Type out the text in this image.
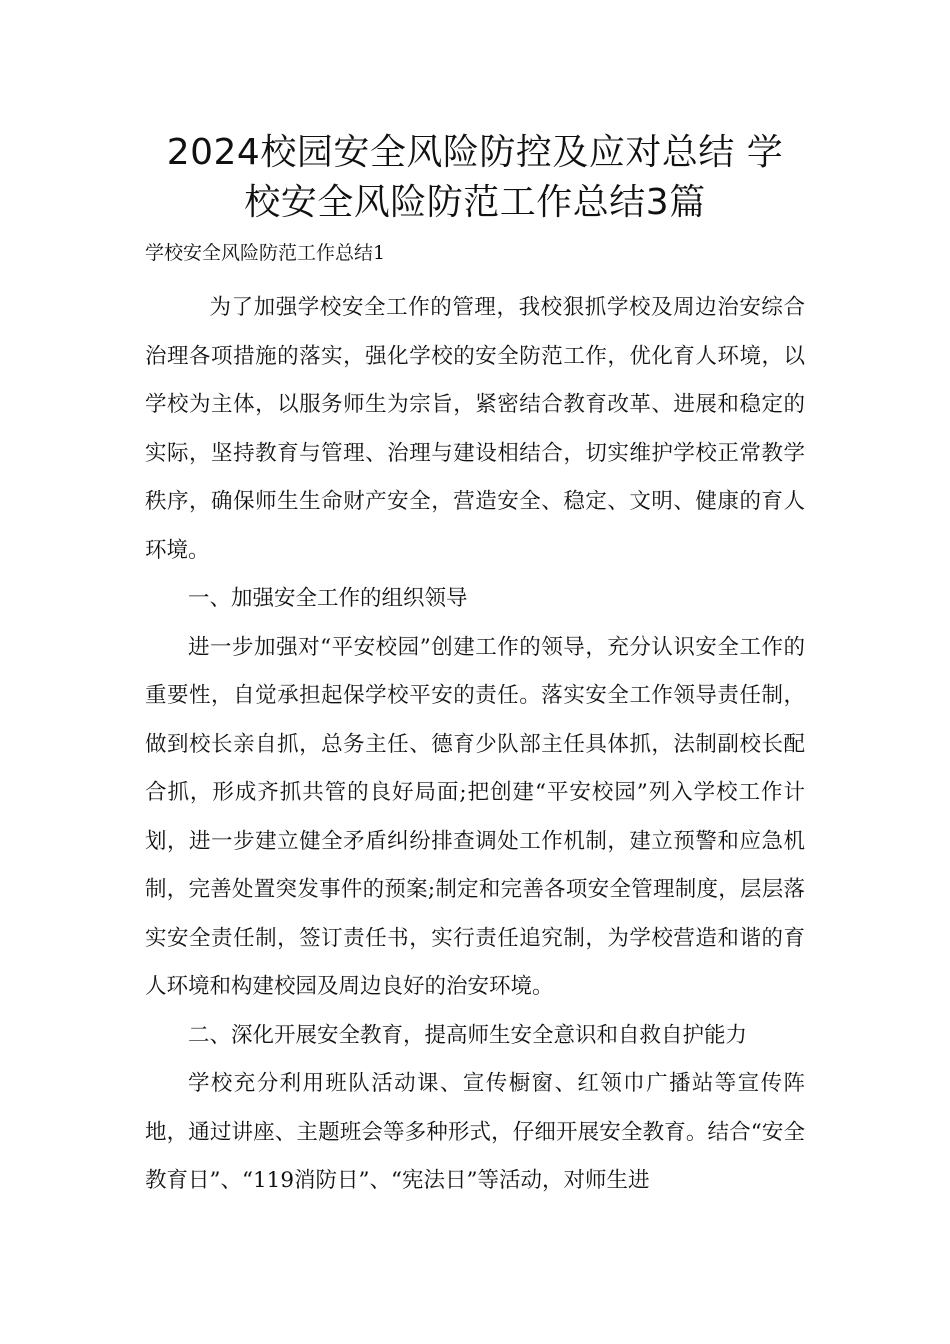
2024校园安全风险防控及应对总结 学
校安全风险防范工作总结3篇

学校安全风险防范工作总结1

为了加强学校安全工作的管理，我校狠抓学校及周边治安综合治理各项措施的落实，强化学校的安全防范工作，优化育人环境，以学校为主体，以服务师生为宗旨，紧密结合教育改革、进展和稳定的实际，坚持教育与管理、治理与建设相结合，切实维护学校正常教学秩序，确保师生生命财产安全，营造安全、稳定、文明、健康的育人环境。

一、加强安全工作的组织领导

进一步加强对“平安校园”创建工作的领导，充分认识安全工作的重要性，自觉承担起保学校平安的责任。落实安全工作领导责任制，做到校长亲自抓，总务主任、德育少队部主任具体抓，法制副校长配合抓，形成齐抓共管的良好局面;把创建“平安校园”列入学校工作计划，进一步建立健全矛盾纠纷排查调处工作机制，建立预警和应急机制，完善处置突发事件的预案;制定和完善各项安全管理制度，层层落实安全责任制，签订责任书，实行责任追究制，为学校营造和谐的育人环境和构建校园及周边良好的治安环境。

二、深化开展安全教育，提高师生安全意识和自救自护能力

学校充分利用班队活动课、宣传橱窗、红领巾广播站等宣传阵地，通过讲座、主题班会等多种形式，仔细开展安全教育。结合“安全教育日”、“119消防日”、“宪法日”等活动，对师生进
